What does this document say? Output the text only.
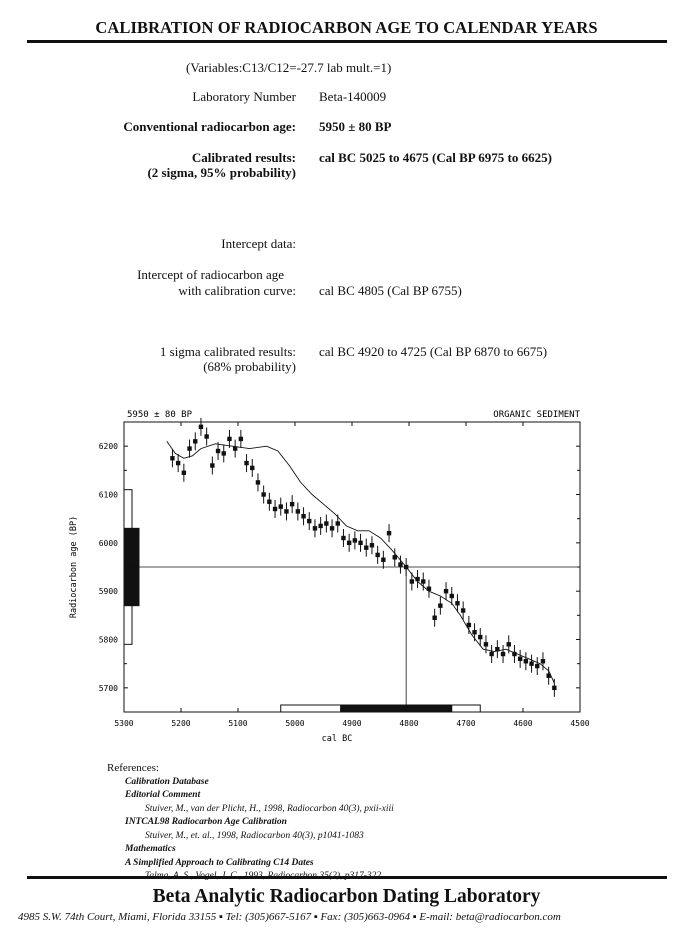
CALIBRATION OF RADIOCARBON AGE TO CALENDAR YEARS
(Variables:C13/C12=-27.7 lab mult.=1)
Laboratory Number Beta-140009
Conventional radiocarbon age: 5950 ± 80 BP
Calibrated results:
(2 sigma, 95% probability)
cal BC 5025 to 4675 (Cal BP 6975 to 6625)
Intercept data:
Intercept of radiocarbon age
with calibration curve: cal BC 4805 (Cal BP 6755)
1 sigma calibrated results:
(68% probability)
cal BC 4920 to 4725 (Cal BP 6870 to 6675)
5950 ± 80 BP	ORGANIC SEDIMENT
6200
6100
6000
5900
5800
5700
5300	5200	5100	5000	4900	4800	4700	4600	4500
cal BC
Radiocarbon age (BP)
References:
Calibration Database
Editorial Comment
Stuiver, M., van der Plicht, H., 1998, Radiocarbon 40(3), pxii-xiii
INTCAL98 Radiocarbon Age Calibration
Stuiver, M., et. al., 1998, Radiocarbon 40(3), p1041-1083
Mathematics
A Simplified Approach to Calibrating C14 Dates
Beta Analytic Radiocarbon Dating Laboratory
4985 S.W. 74th Court, Miami, Florida 33155 ▪ Tel: (305)667-5167 ▪ Fax: (305)663-0964 ▪ E-mail: beta@radiocarbon.com
